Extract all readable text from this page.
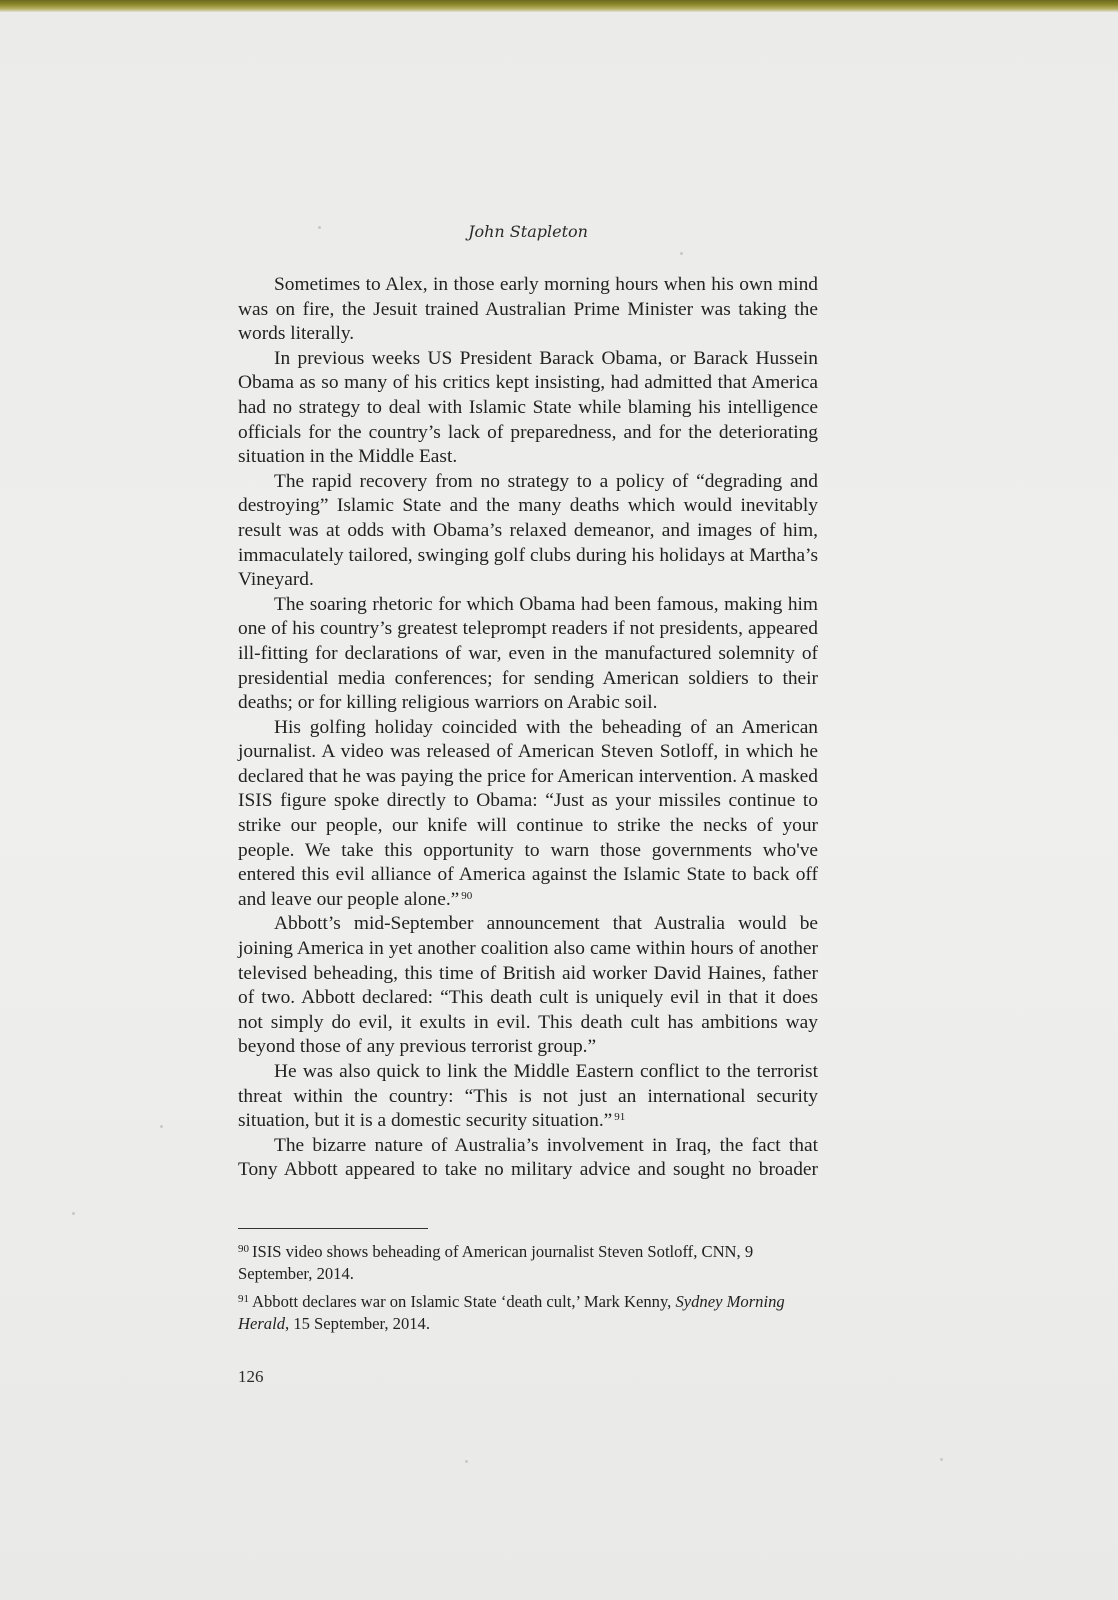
John Stapleton

Sometimes to Alex, in those early morning hours when his own mind was on fire, the Jesuit trained Australian Prime Minister was taking the words literally.

In previous weeks US President Barack Obama, or Barack Hussein Obama as so many of his critics kept insisting, had admitted that America had no strategy to deal with Islamic State while blaming his intelligence officials for the country’s lack of preparedness, and for the deteriorating situation in the Middle East.

The rapid recovery from no strategy to a policy of “degrading and destroying” Islamic State and the many deaths which would inevitably result was at odds with Obama’s relaxed demeanor, and images of him, immaculately tailored, swinging golf clubs during his holidays at Martha’s Vineyard.

The soaring rhetoric for which Obama had been famous, making him one of his country’s greatest teleprompt readers if not presidents, appeared ill-fitting for declarations of war, even in the manufactured solemnity of presidential media conferences; for sending American soldiers to their deaths; or for killing religious warriors on Arabic soil.

His golfing holiday coincided with the beheading of an American journalist. A video was released of American Steven Sotloff, in which he declared that he was paying the price for American intervention. A masked ISIS figure spoke directly to Obama: “Just as your missiles continue to strike our people, our knife will continue to strike the necks of your people. We take this opportunity to warn those governments who've entered this evil alliance of America against the Islamic State to back off and leave our people alone.” $^{90}$

Abbott’s mid-September announcement that Australia would be joining America in yet another coalition also came within hours of another televised beheading, this time of British aid worker David Haines, father of two. Abbott declared: “This death cult is uniquely evil in that it does not simply do evil, it exults in evil. This death cult has ambitions way beyond those of any previous terrorist group.”

He was also quick to link the Middle Eastern conflict to the terrorist threat within the country: “This is not just an international security situation, but it is a domestic security situation.” $^{91}$

The bizarre nature of Australia’s involvement in Iraq, the fact that Tony Abbott appeared to take no military advice and sought no broader

$^{90}$ ISIS video shows beheading of American journalist Steven Sotloff, CNN, 9 September, 2014.

$^{91}$ Abbott declares war on Islamic State ‘death cult,’ Mark Kenny, Sydney Morning Herald, 15 September, 2014.

126
